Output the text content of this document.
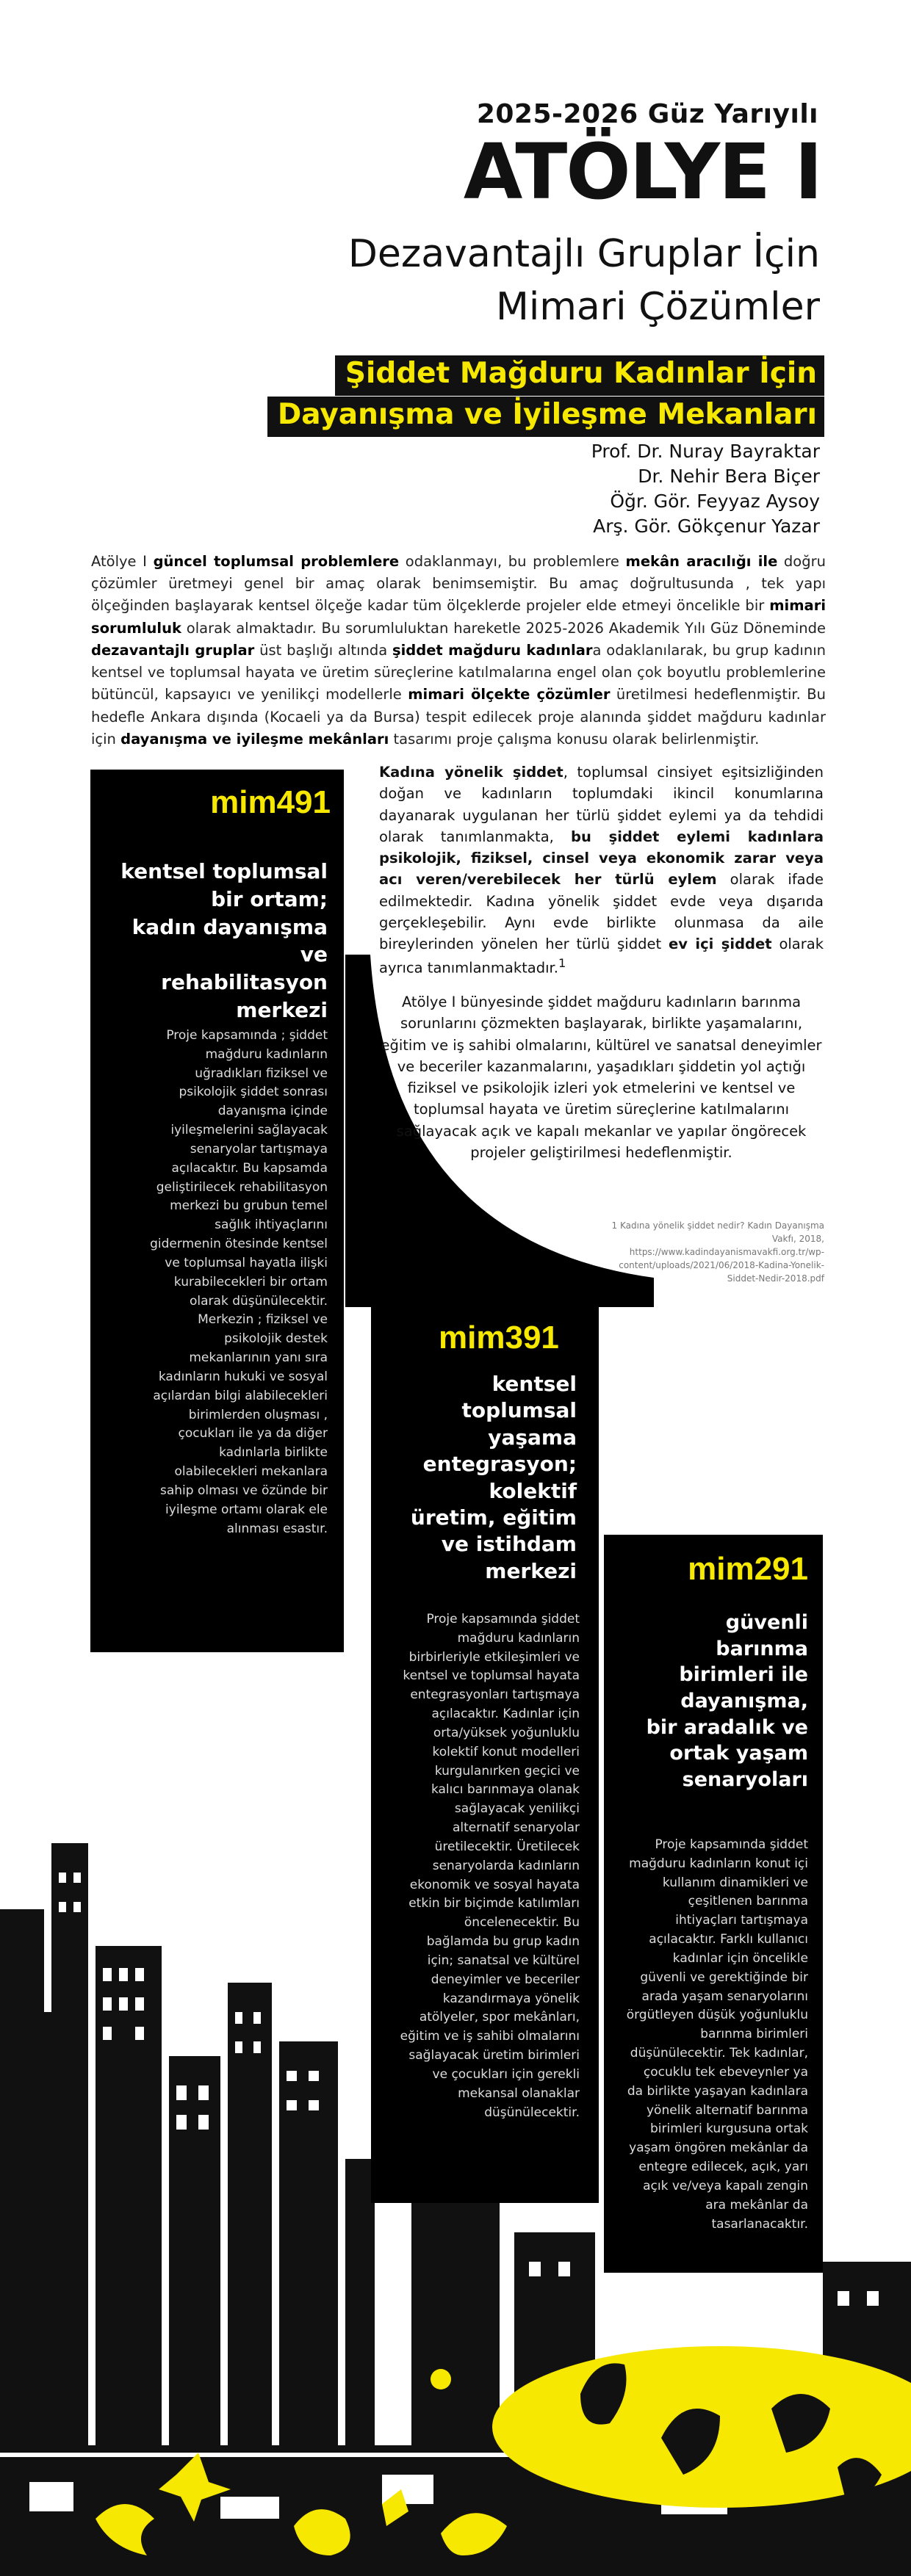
2025-2026 Güz Yarıyılı
ATÖLYE I
Dezavantajlı Gruplar İçin
Mimari Çözümler
Şiddet Mağduru Kadınlar İçin
Dayanışma ve İyileşme Mekanları
Prof. Dr. Nuray Bayraktar
Dr. Nehir Bera Biçer
Öğr. Gör. Feyyaz Aysoy
Arş. Gör. Gökçenur Yazar
Atölye I güncel toplumsal problemlere odaklanmayı, bu problemlere mekân aracılığı ile doğru çözümler üretmeyi genel bir amaç olarak benimsemiştir. Bu amaç doğrultusunda , tek yapı ölçeğinden başlayarak kentsel ölçeğe kadar tüm ölçeklerde projeler elde etmeyi öncelikle bir mimari sorumluluk olarak almaktadır. Bu sorumluluktan hareketle 2025-2026 Akademik Yılı Güz Döneminde dezavantajlı gruplar üst başlığı altında şiddet mağduru kadınlara odaklanılarak, bu grup kadının kentsel ve toplumsal hayata ve üretim süreçlerine katılmalarına engel olan çok boyutlu problemlerine bütüncül, kapsayıcı ve yenilikçi modellerle mimari ölçekte çözümler üretilmesi hedeflenmiştir. Bu hedefle Ankara dışında (Kocaeli ya da Bursa) tespit edilecek proje alanında şiddet mağduru kadınlar için dayanışma ve iyileşme mekânları tasarımı proje çalışma konusu olarak belirlenmiştir.
Kadına yönelik şiddet, toplumsal cinsiyet eşitsizliğinden doğan ve kadınların toplumdaki ikincil konumlarına dayanarak uygulanan her türlü şiddet eylemi ya da tehdidi olarak tanımlanmakta, bu şiddet eylemi kadınlara psikolojik, fiziksel, cinsel veya ekonomik zarar veya acı veren/verebilecek her türlü eylem olarak ifade edilmektedir. Kadına yönelik şiddet evde veya dışarıda gerçekleşebilir. Aynı evde birlikte olunmasa da aile bireylerinden yönelen her türlü şiddet ev içi şiddet olarak ayrıca tanımlanmaktadır.$^1$
Atölye I bünyesinde şiddet mağduru kadınların barınma sorunlarını çözmekten başlayarak, birlikte yaşamalarını, eğitim ve iş sahibi olmalarını, kültürel ve sanatsal deneyimler ve beceriler kazanmalarını, yaşadıkları şiddetin yol açtığı fiziksel ve psikolojik izleri yok etmelerini ve kentsel ve toplumsal hayata ve üretim süreçlerine katılmalarını sağlayacak açık ve kapalı mekanlar ve yapılar öngörecek projeler geliştirilmesi hedeflenmiştir.
1 Kadına yönelik şiddet nedir? Kadın Dayanışma Vakfı, 2018, https://www.kadindayanismavakfi.org.tr/wp-content/uploads/2021/06/2018-Kadina-Yonelik-Siddet-Nedir-2018.pdf
mim491
kentsel toplumsal
bir ortam;
kadın dayanışma
ve
rehabilitasyon
merkezi
Proje kapsamında ; şiddet mağduru kadınların uğradıkları fiziksel ve psikolojik şiddet sonrası dayanışma içinde iyileşmelerini sağlayacak senaryolar tartışmaya açılacaktır. Bu kapsamda geliştirilecek rehabilitasyon merkezi bu grubun temel sağlık ihtiyaçlarını gidermenin ötesinde kentsel ve toplumsal hayatla ilişki kurabilecekleri bir ortam olarak düşünülecektir. Merkezin ; fiziksel ve psikolojik destek mekanlarının yanı sıra kadınların hukuki ve sosyal açılardan bilgi alabilecekleri birimlerden oluşması , çocukları ile ya da diğer kadınlarla birlikte olabilecekleri mekanlara sahip olması ve özünde bir iyileşme ortamı olarak ele alınması esastır.
mim391
kentsel
toplumsal
yaşama
entegrasyon;
kolektif
üretim, eğitim
ve istihdam
merkezi
Proje kapsamında şiddet mağduru kadınların birbirleriyle etkileşimleri ve kentsel ve toplumsal hayata entegrasyonları tartışmaya açılacaktır. Kadınlar için orta/yüksek yoğunluklu kolektif konut modelleri kurgulanırken geçici ve kalıcı barınmaya olanak sağlayacak yenilikçi alternatif senaryolar üretilecektir. Üretilecek senaryolarda kadınların ekonomik ve sosyal hayata etkin bir biçimde katılımları öncelenecektir. Bu bağlamda bu grup kadın için; sanatsal ve kültürel deneyimler ve beceriler kazandırmaya yönelik atölyeler, spor mekânları, eğitim ve iş sahibi olmalarını sağlayacak üretim birimleri ve çocukları için gerekli mekansal olanaklar düşünülecektir.
mim291
güvenli
barınma
birimleri ile
dayanışma,
bir aradalık ve
ortak yaşam
senaryoları
Proje kapsamında şiddet mağduru kadınların konut içi kullanım dinamikleri ve çeşitlenen barınma ihtiyaçları tartışmaya açılacaktır. Farklı kullanıcı kadınlar için öncelikle güvenli ve gerektiğinde bir arada yaşam senaryolarını örgütleyen düşük yoğunluklu barınma birimleri düşünülecektir. Tek kadınlar, çocuklu tek ebeveynler ya da birlikte yaşayan kadınlara yönelik alternatif barınma birimleri kurgusuna ortak yaşam öngören mekânlar da entegre edilecek, açık, yarı açık ve/veya kapalı zengin ara mekânlar da tasarlanacaktır.
